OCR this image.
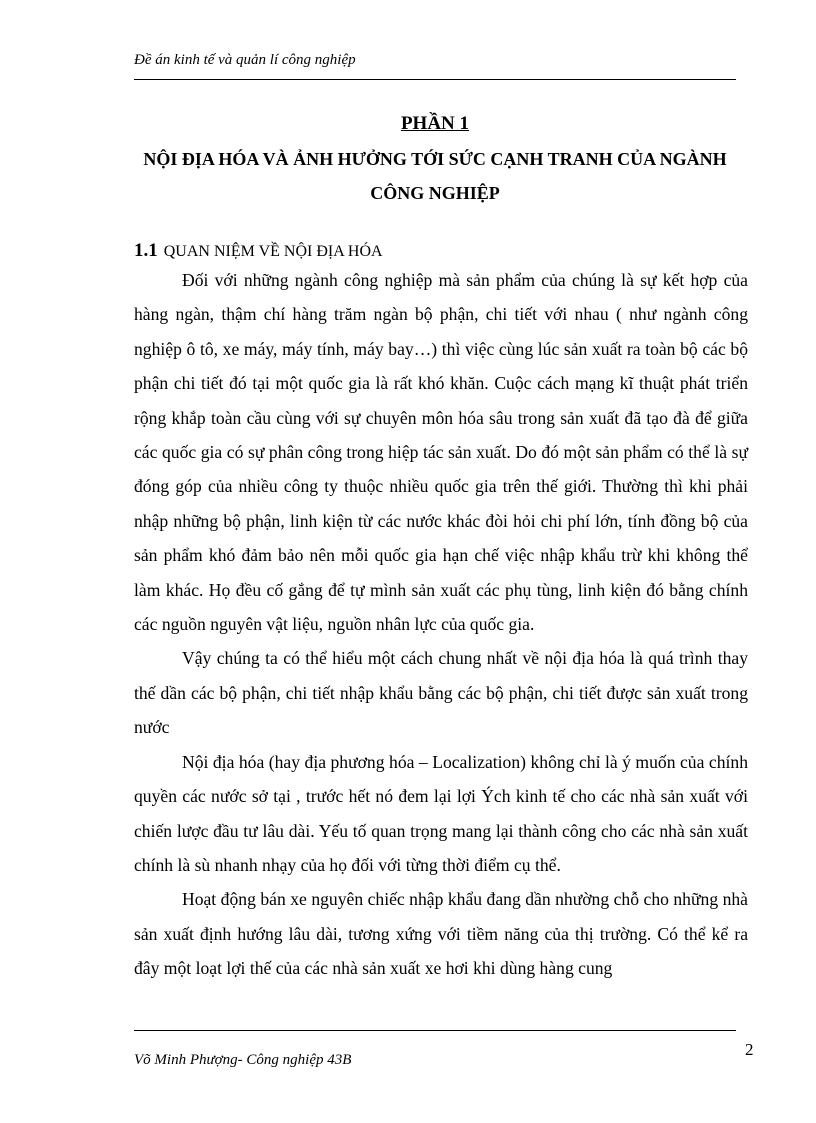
Đề án kinh tế và quản lí công nghiệp
PHẦN 1
NỘI ĐỊA HÓA VÀ ẢNH HƯỞNG TỚI SỨC CẠNH TRANH CỦA NGÀNH
CÔNG NGHIỆP
1.1 QUAN NIỆM VỀ NỘI ĐỊA HÓA

Đối với những ngành công nghiệp mà sản phẩm của chúng là sự kết hợp của hàng ngàn, thậm chí hàng trăm ngàn bộ phận, chi tiết với nhau ( như ngành công nghiệp ô tô, xe máy, máy tính, máy bay…) thì việc cùng lúc sản xuất ra toàn bộ các bộ phận chi tiết đó tại một quốc gia là rất khó khăn. Cuộc cách mạng kĩ thuật phát triển rộng khắp toàn cầu cùng với sự chuyên môn hóa sâu trong sản xuất đã tạo đà để giữa các quốc gia có sự phân công trong hiệp tác sản xuất. Do đó một sản phẩm có thể là sự đóng góp của nhiều công ty thuộc nhiều quốc gia trên thế giới. Thường thì khi phải nhập những bộ phận, linh kiện từ các nước khác đòi hỏi chi phí lớn, tính đồng bộ của sản phẩm khó đảm bảo nên mỗi quốc gia hạn chế việc nhập khẩu trừ khi không thể làm khác. Họ đều cố gắng để tự mình sản xuất các phụ tùng, linh kiện đó bằng chính các nguồn nguyên vật liệu, nguồn nhân lực của quốc gia.

Vậy chúng ta có thể hiểu một cách chung nhất về nội địa hóa là quá trình thay thế dần các bộ phận, chi tiết nhập khẩu bằng các bộ phận, chi tiết được sản xuất trong nước

Nội địa hóa (hay địa phương hóa – Localization) không chỉ là ý muốn của chính quyền các nước sở tại , trước hết nó đem lại lợi Ých kinh tế cho các nhà sản xuất với chiến lược đầu tư lâu dài. Yếu tố quan trọng mang lại thành công cho các nhà sản xuất chính là sù nhanh nhạy của họ đối với từng thời điểm cụ thể.

Hoạt động bán xe nguyên chiếc nhập khẩu đang dần nhường chỗ cho những nhà sản xuất định hướng lâu dài, tương xứng với tiềm năng của thị trường. Có thể kể ra đây một loạt lợi thế của các nhà sản xuất xe hơi khi dùng hàng cung

2
Võ Minh Phượng- Công nghiệp 43B
